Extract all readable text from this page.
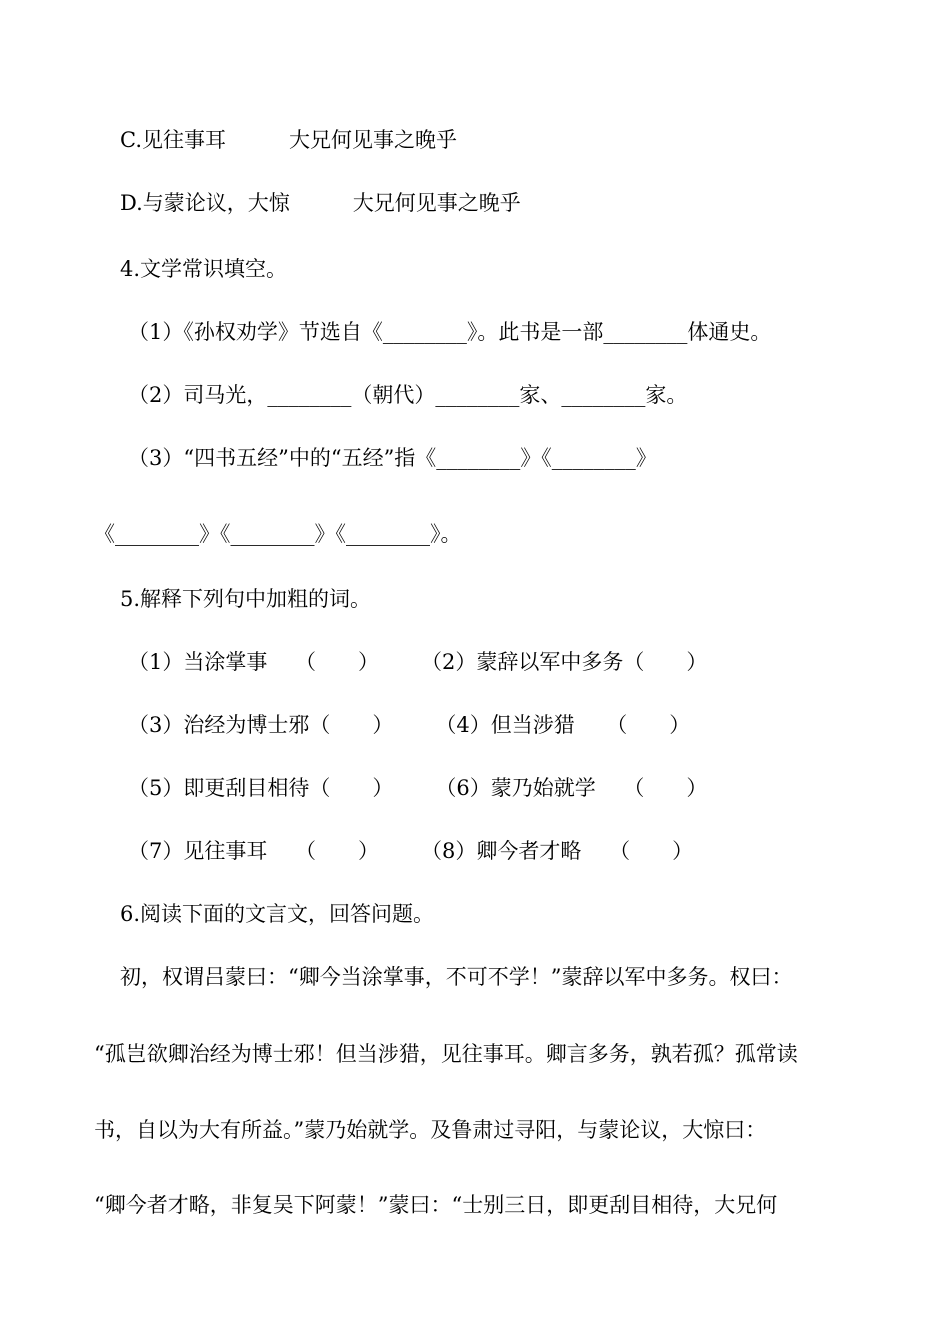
C.见往事耳　　　大兄何见事之晚乎

D.与蒙论议，大惊　　　大兄何见事之晚乎

4.文学常识填空。

（1）《孙权劝学》节选自《________》。此书是一部________体通史。

（2）司马光，________（朝代）________家、________家。

（3）“四书五经”中的“五经”指《________》《________》

《________》《________》《________》。

5.解释下列句中加粗的词。

（1）当涂掌事　 （　　）　　　（2）蒙辞以军中多务（　　）

（3）治经为博士邪（　　）　　　（4）但当涉猎　　（　　）

（5）即更刮目相待（　　）　　　（6）蒙乃始就学　 （　　）

（7）见往事耳　 （　　）　　　（8）卿今者才略　 （　　）

6.阅读下面的文言文，回答问题。

初，权谓吕蒙曰：“卿今当涂掌事，不可不学！”蒙辞以军中多务。权曰：

“孤岂欲卿治经为博士邪！但当涉猎，见往事耳。卿言多务，孰若孤？孤常读

书，自以为大有所益。”蒙乃始就学。及鲁肃过寻阳，与蒙论议，大惊曰：

“卿今者才略，非复吴下阿蒙！”蒙曰：“士别三日，即更刮目相待，大兄何
